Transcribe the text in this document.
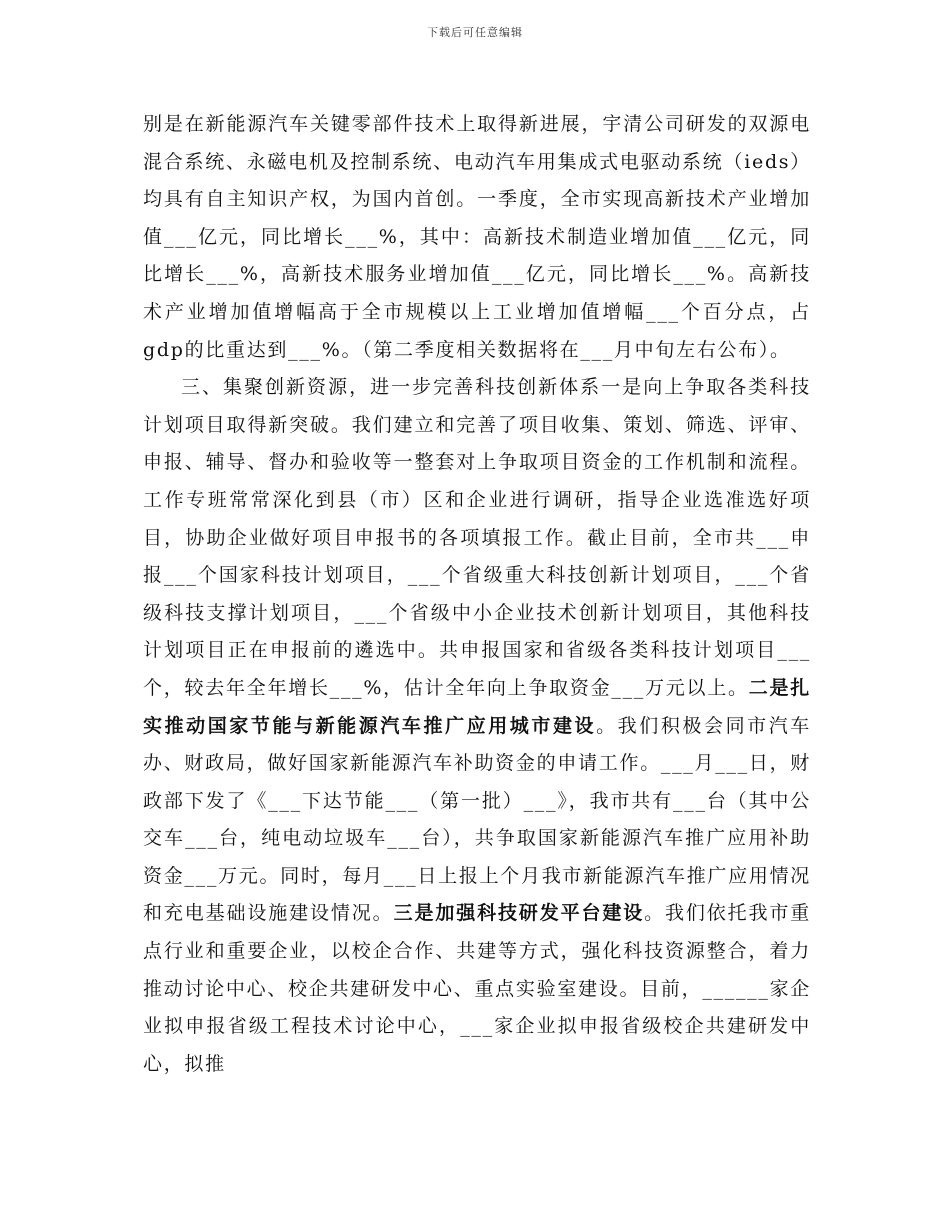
下载后可任意编辑

别是在新能源汽车关键零部件技术上取得新进展，宇清公司研发的双源电混合系统、永磁电机及控制系统、电动汽车用集成式电驱动系统（ieds）均具有自主知识产权，为国内首创。一季度，全市实现高新技术产业增加值___亿元，同比增长___%，其中：高新技术制造业增加值___亿元，同比增长___%，高新技术服务业增加值___亿元，同比增长___%。高新技术产业增加值增幅高于全市规模以上工业增加值增幅___个百分点，占gdp的比重达到___%。（第二季度相关数据将在___月中旬左右公布）。

三、集聚创新资源，进一步完善科技创新体系一是向上争取各类科技计划项目取得新突破。我们建立和完善了项目收集、策划、筛选、评审、申报、辅导、督办和验收等一整套对上争取项目资金的工作机制和流程。工作专班常常深化到县（市）区和企业进行调研，指导企业选准选好项目，协助企业做好项目申报书的各项填报工作。截止目前，全市共___申报___个国家科技计划项目，___个省级重大科技创新计划项目，___个省级科技支撑计划项目，___个省级中小企业技术创新计划项目，其他科技计划项目正在申报前的遴选中。共申报国家和省级各类科技计划项目___个，较去年全年增长___%，估计全年向上争取资金___万元以上。二是扎实推动国家节能与新能源汽车推广应用城市建设。我们积极会同市汽车办、财政局，做好国家新能源汽车补助资金的申请工作。___月___日，财政部下发了《___下达节能___（第一批）___》，我市共有___台（其中公交车___台，纯电动垃圾车___台），共争取国家新能源汽车推广应用补助资金___万元。同时，每月___日上报上个月我市新能源汽车推广应用情况和充电基础设施建设情况。三是加强科技研发平台建设。我们依托我市重点行业和重要企业，以校企合作、共建等方式，强化科技资源整合，着力推动讨论中心、校企共建研发中心、重点实验室建设。目前，______家企业拟申报省级工程技术讨论中心，___家企业拟申报省级校企共建研发中心，拟推
